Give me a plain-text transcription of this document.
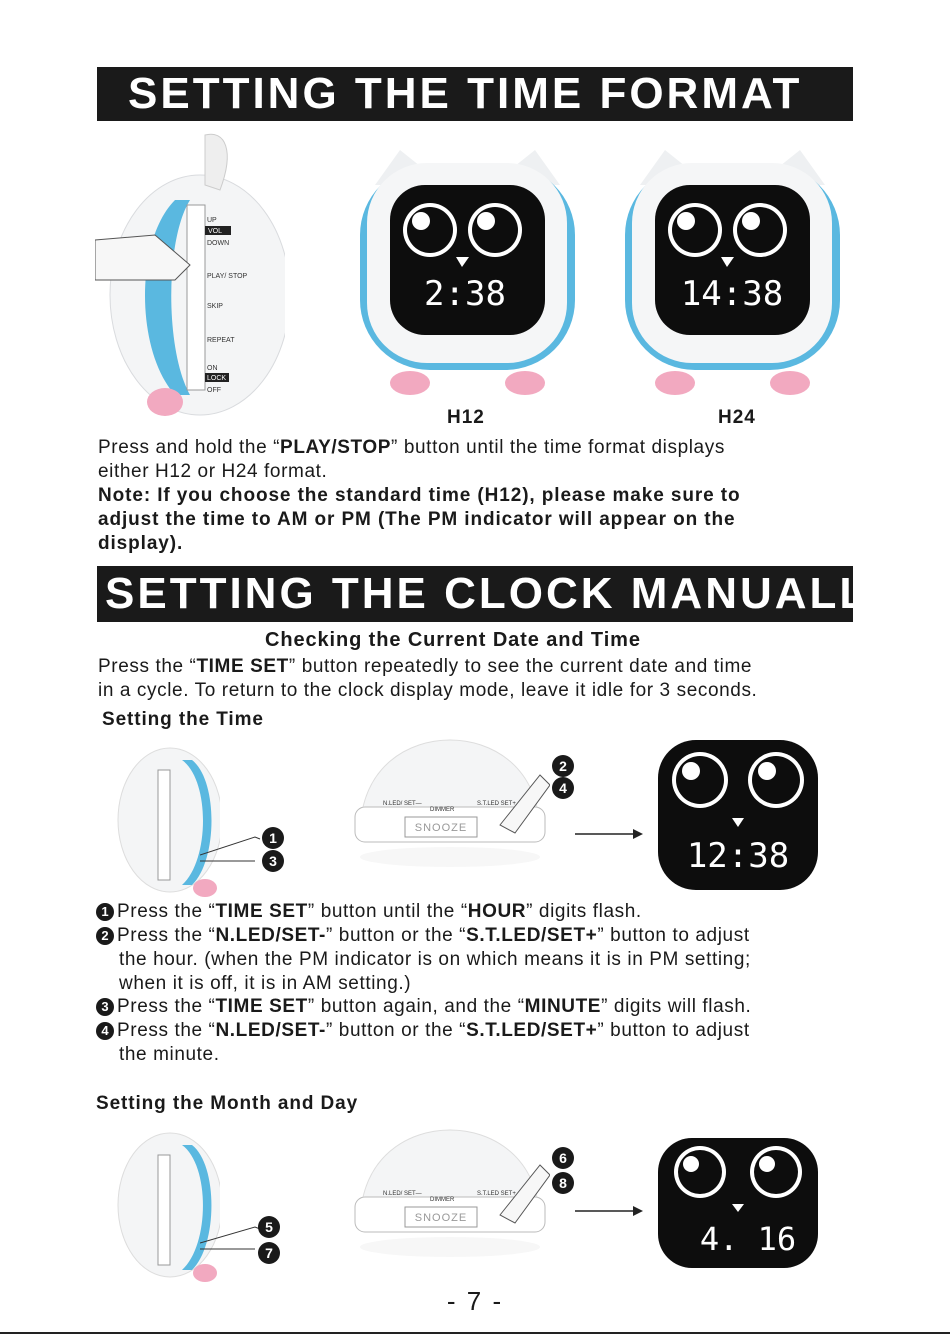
SETTING THE TIME FORMAT
UP
VOL
DOWN
PLAY/ STOP
SKIP
REPEAT
ON
LOCK
OFF
2:38	14:38
H12	H24
Press and hold the “PLAY/STOP” button until the time format displays
either H12 or H24 format.
Note: If you choose the standard time (H12), please make sure to
adjust the time to AM or PM (The PM indicator will appear on the
display).
SETTING THE CLOCK MANUALLY
Checking the Current Date and Time
Press the “TIME SET” button repeatedly to see the current date and time
in a cycle. To return to the clock display mode, leave it idle for 3 seconds.
Setting the Time
1
3
N.LED/ SET—
DIMMER
S.T.LED SET+
SNOOZE
2
4
12:38
1 Press the “TIME SET” button until the “HOUR” digits flash.
2 Press the “N.LED/SET-” button or the “S.T.LED/SET+” button to adjust
the hour. (when the PM indicator is on which means it is in PM setting;
when it is off, it is in AM setting.)
3 Press the “TIME SET” button again, and the “MINUTE” digits will flash.
4 Press the “N.LED/SET-” button or the “S.T.LED/SET+” button to adjust
the minute.
Setting the Month and Day
5
7
N.LED/ SET—
DIMMER
S.T.LED SET+
SNOOZE
6
8
4. 16
- 7 -
